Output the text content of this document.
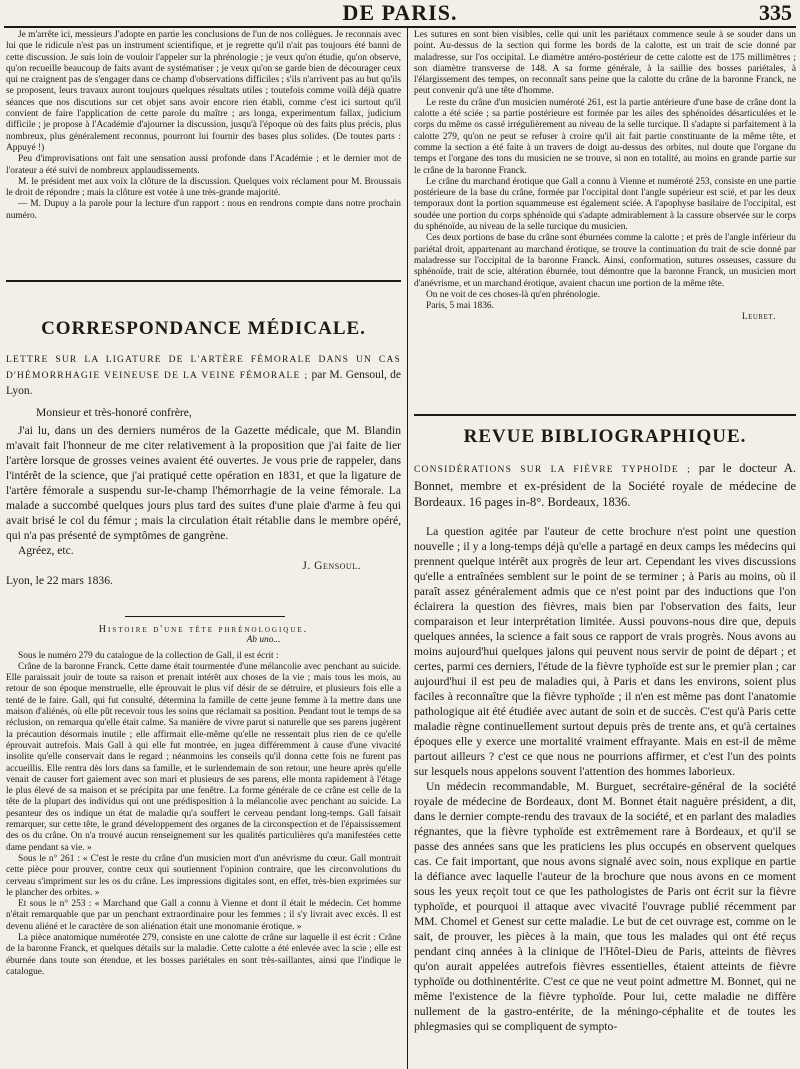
DE PARIS.	335

Je m'arrête ici, messieurs J'adopte en partie les conclusions de l'un de nos collègues. Je reconnais avec lui que le ridicule n'est pas un instrument scientifique, et je regrette qu'il n'ait pas toujours été banni de cette discussion. Je suis loin de vouloir l'appeler sur la phrénologie ; je veux qu'on étudie, qu'on observe, qu'on recueille beaucoup de faits avant de systématiser ; je veux qu'on se garde bien de décourager ceux qui ne craignent pas de s'engager dans ce champ d'observations difficiles ; s'ils n'arrivent pas au but qu'ils se proposent, leurs travaux auront toujours quelques résultats utiles ; toutefois comme voilà déjà quatre séances que nos discutions sur cet objet sans avoir encore rien établi, comme c'est ici surtout qu'il convient de faire l'application de cette parole du maître ; ars longa, experimentum fallax, judicium difficile ; je propose à l'Académie d'ajourner la discussion, jusqu'à l'époque où des faits plus précis, plus nombreux, plus généralement reconnus, pourront lui fournir des bases plus solides. (De toutes parts : Appuyé !)

Peu d'improvisations ont fait une sensation aussi profonde dans l'Académie ; et le dernier mot de l'orateur a été suivi de nombreux applaudissements.

M. le président met aux voix la clôture de la discussion. Quelques voix réclament pour M. Broussais le droit de répondre ; mais la clôture est votée à une très-grande majorité.

— M. Dupuy a la parole pour la lecture d'un rapport : nous en rendrons compte dans notre prochain numéro.

CORRESPONDANCE MÉDICALE.
LETTRE SUR LA LIGATURE DE L'ARTÈRE FÉMORALE DANS UN CAS D'HÉMORRHAGIE VEINEUSE DE LA VEINE FÉMORALE ; par M. Gensoul, de Lyon.

Monsieur et très-honoré confrère,

J'ai lu, dans un des derniers numéros de la Gazette médicale, que M. Blandin m'avait fait l'honneur de me citer relativement à la proposition que j'ai faite de lier l'artère lorsque de grosses veines avaient été ouvertes. Je vous prie de rappeler, dans l'intérêt de la science, que j'ai pratiqué cette opération en 1831, et que la ligature de l'artère fémorale a suspendu sur-le-champ l'hémorrhagie de la veine fémorale. La malade a succombé quelques jours plus tard des suites d'une plaie d'arme à feu qui avait brisé le col du fémur ; mais la circulation était rétablie dans le membre opéré, qui n'a pas présenté de symptômes de gangrène.

Agréez, etc.

J. Gensoul.

Lyon, le 22 mars 1836.

Histoire d'une tête phrénologique.
Ab uno...

Sous le numéro 279 du catalogue de la collection de Gall, il est écrit :

Crâne de la baronne Franck. Cette dame était tourmentée d'une mélancolie avec penchant au suicide. Elle paraissait jouir de toute sa raison et prenait intérêt aux choses de la vie ; mais tous les mois, au retour de son époque menstruelle, elle éprouvait le plus vif désir de se détruire, et plusieurs fois elle a tenté de le faire. Gall, qui fut consulté, détermina la famille de cette jeune femme à la mettre dans une maison d'aliénés, où elle pût recevoir tous les soins que réclamait sa position. Pendant tout le temps de sa réclusion, on remarqua qu'elle était calme. Sa manière de vivre parut si naturelle que ses parens jugèrent la précaution désormais inutile ; elle affirmait elle-même qu'elle ne ressentait plus rien de ce qu'elle éprouvait autrefois. Mais Gall à qui elle fut montrée, en jugea différemment à cause d'une vivacité insolite qu'elle conservait dans le regard ; néanmoins les conseils qu'il donna cette fois ne furent pas accueillis. Elle rentra dès lors dans sa famille, et le surlendemain de son retour, une heure après qu'elle venait de causer fort gaiement avec son mari et plusieurs de ses parens, elle monta rapidement à l'étage le plus élevé de sa maison et se précipita par une fenêtre. La forme générale de ce crâne est celle de la tête de la plupart des individus qui ont une prédisposition à la mélancolie avec penchant au suicide. La pesanteur des os indique un état de maladie qu'a souffert le cerveau pendant long-temps. Gall faisait remarquer, sur cette tête, le grand développement des organes de la circonspection et de l'épaississement des os du crâne. On n'a trouvé aucun renseignement sur les qualités particulières qu'a manifestées cette dame pendant sa vie. »

Sous le n° 261 : « C'est le reste du crâne d'un musicien mort d'un anévrisme du cœur. Gall montrait cette pièce pour prouver, contre ceux qui soutiennent l'opinion contraire, que les circonvolutions du cerveau s'impriment sur les os du crâne. Les impressions digitales sont, en effet, très-bien exprimées sur le plancher des orbites. »

Et sous le n° 253 : « Marchand que Gall a connu à Vienne et dont il était le médecin. Cet homme n'était remarquable que par un penchant extraordinaire pour les femmes ; il s'y livrait avec excès. Il est devenu aliéné et le caractère de son aliénation était une monomanie érotique. »

La pièce anatomique numérotée 279, consiste en une calotte de crâne sur laquelle il est écrit : Crâne de la baronne Franck, et quelques détails sur la maladie. Cette calotte a été enlevée avec la scie ; elle est éburnée dans toute son étendue, et les bosses pariétales en sont très-saillantes, ainsi que l'indique le catalogue.

Les sutures en sont bien visibles, celle qui unit les pariétaux commence seule à se souder dans un point. Au-dessus de la section qui forme les bords de la calotte, est un trait de scie donné par maladresse, sur l'os occipital. Le diamètre antéro-postérieur de cette calotte est de 175 millimètres ; son diamètre transverse de 148. A sa forme générale, à la saillie des bosses pariétales, à l'élargissement des tempes, on reconnaît sans peine que la calotte du crâne de la baronne Franck, ne peut convenir qu'à une tête d'homme.

Le reste du crâne d'un musicien numéroté 261, est la partie antérieure d'une base de crâne dont la calotte a été sciée ; sa partie postérieure est formée par les ailes des sphénoïdes désarticulées et le corps du même os cassé irrégulièrement au niveau de la selle turcique. Il s'adapte si parfaitement à la calotte 279, qu'on ne peut se refuser à croire qu'il ait fait partie constituante de la même tête, et comme la section a été faite à un travers de doigt au-dessus des orbites, nul doute que l'organe du temps et l'organe des tons du musicien ne se trouve, si non en totalité, au moins en grande partie sur le crâne de la baronne Franck.

Le crâne du marchand érotique que Gall a connu à Vienne et numéroté 253, consiste en une partie postérieure de la base du crâne, formée par l'occipital dont l'angle supérieur est scié, et par les deux temporaux dont la portion squammeuse est également sciée. A l'apophyse basilaire de l'occipital, est soudée une portion du corps sphénoïde qui s'adapte admirablement à la cassure observée sur le corps du sphénoïde, au niveau de la selle turcique du musicien.

Ces deux portions de base du crâne sont éburnées comme la calotte ; et près de l'angle inférieur du pariétal droit, appartenant au marchand érotique, se trouve la continuation du trait de scie donné par maladresse sur l'occipital de la baronne Franck. Ainsi, conformation, sutures osseuses, cassure du sphénoïde, trait de scie, altération éburnée, tout démontre que la baronne Franck, un musicien mort d'anévrisme, et un marchand érotique, avaient chacun une portion de la même tête.

On ne voit de ces choses-là qu'en phrénologie.

Paris, 5 mai 1836.

Leuret.

REVUE BIBLIOGRAPHIQUE.
CONSIDÉRATIONS SUR LA FIÈVRE TYPHOÏDE ; par le docteur A. Bonnet, membre et ex-président de la Société royale de médecine de Bordeaux. 16 pages in-8°. Bordeaux, 1836.

La question agitée par l'auteur de cette brochure n'est point une question nouvelle ; il y a long-temps déjà qu'elle a partagé en deux camps les médecins qui prennent quelque intérêt aux progrès de leur art. Cependant les vives discussions qu'elle a entraînées semblent sur le point de se terminer ; à Paris au moins, où il paraît assez généralement admis que ce n'est point par des inductions que l'on éclairera la question des fièvres, mais bien par l'observation des faits, leur comparaison et leur interprétation limitée. Aussi pouvons-nous dire que, depuis quelques années, la science a fait sous ce rapport de vrais progrès. Nous avons au moins aujourd'hui quelques jalons qui peuvent nous servir de point de départ ; et certes, parmi ces derniers, l'étude de la fièvre typhoïde est sur le premier plan ; car aujourd'hui il est peu de maladies qui, à Paris et dans les environs, soient plus faciles à reconnaître que la fièvre typhoïde ; il n'en est même pas dont l'anatomie pathologique ait été étudiée avec autant de soin et de succès. C'est qu'à Paris cette maladie règne continuellement surtout depuis près de trente ans, et qu'à certaines époques elle y exerce une mortalité vraiment effrayante. Mais en est-il de même partout ailleurs ? c'est ce que nous ne pourrions affirmer, et c'est l'un des points sur lesquels nous appelons souvent l'attention des hommes laborieux.

Un médecin recommandable, M. Burguet, secrétaire-général de la société royale de médecine de Bordeaux, dont M. Bonnet était naguère président, a dit, dans le dernier compte-rendu des travaux de la société, et en parlant des maladies régnantes, que la fièvre typhoïde est extrêmement rare à Bordeaux, et qu'il se passe des années sans que les praticiens les plus occupés en observent quelques cas. Ce fait important, que nous avons signalé avec soin, nous explique en partie la défiance avec laquelle l'auteur de la brochure que nous avons en ce moment sous les yeux reçoit tout ce que les pathologistes de Paris ont écrit sur la fièvre typhoïde, et pourquoi il attaque avec vivacité l'ouvrage publié récemment par MM. Chomel et Genest sur cette maladie. Le but de cet ouvrage est, comme on le sait, de prouver, les pièces à la main, que tous les malades qui ont été reçus pendant cinq années à la clinique de l'Hôtel-Dieu de Paris, atteints de fièvres qu'on aurait appelées autrefois fièvres essentielles, étaient atteints de fièvre typhoïde ou dothinentérite. C'est ce que ne veut point admettre M. Bonnet, qui ne même l'existence de la fièvre typhoïde. Pour lui, cette maladie ne diffère nullement de la gastro-entérite, de la méningo-céphalite et de toutes les phlegmasies qui se compliquent de sympto-
